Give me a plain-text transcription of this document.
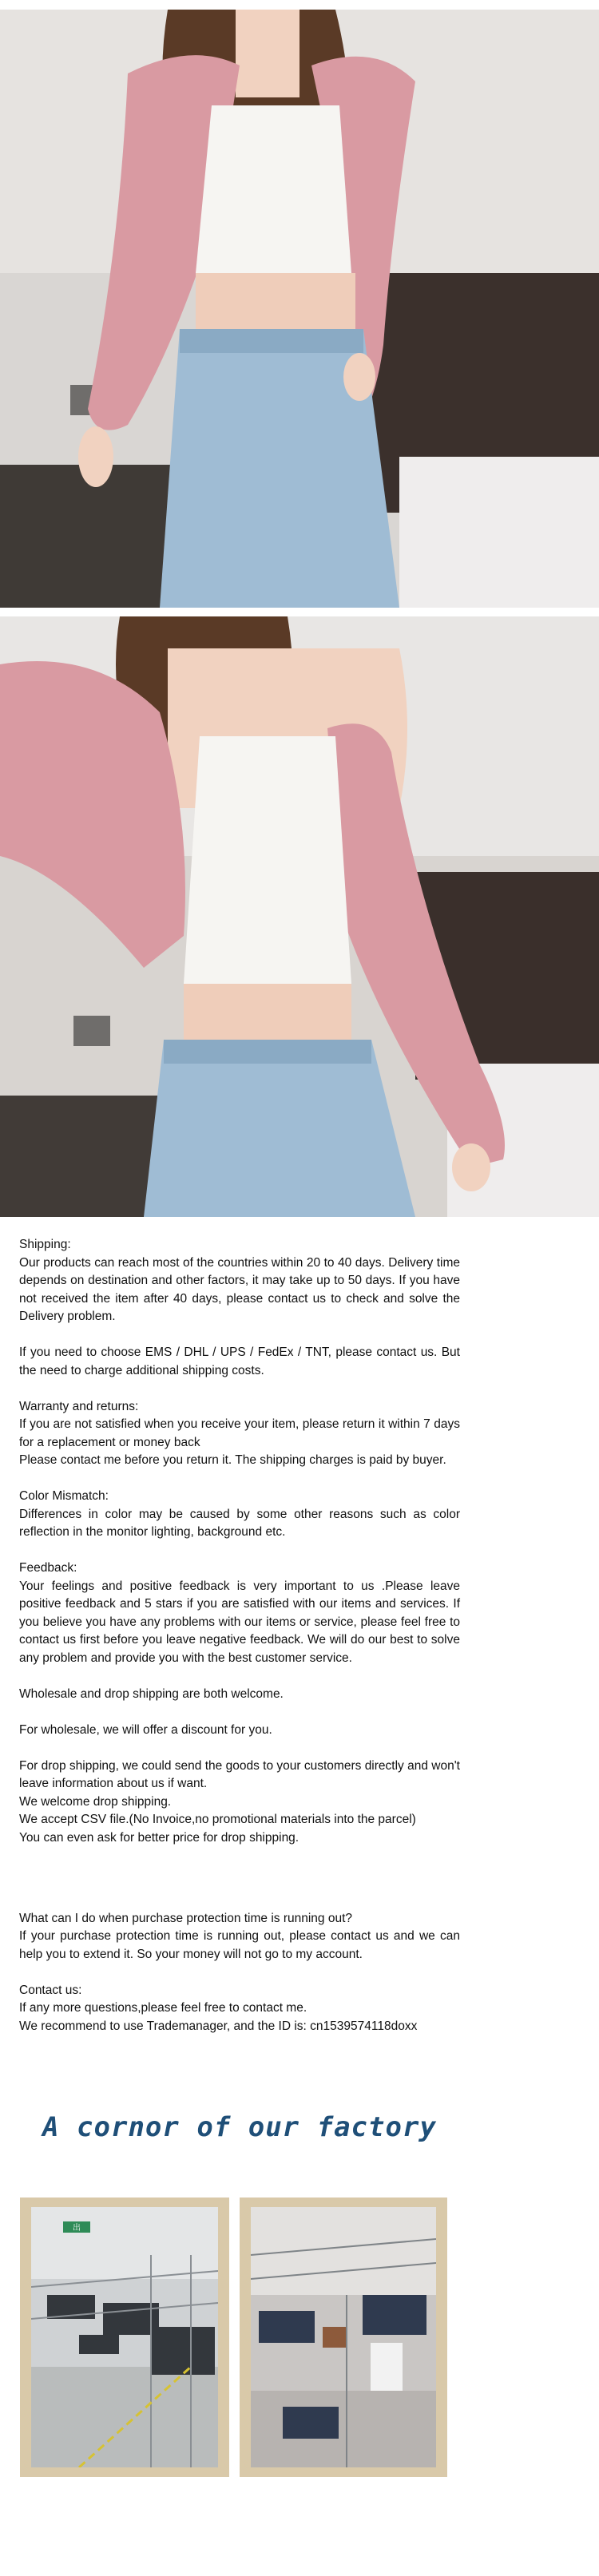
Shipping:

Our products can reach most of the countries within 20 to 40 days. Delivery time depends on destination and other factors, it may take up to 50 days. If you have not received the item after 40 days, please contact us to check and solve the Delivery problem.

If you need to choose EMS / DHL / UPS / FedEx / TNT, please contact us. But the need to charge additional shipping costs.

Warranty and returns:

If you are not satisfied when you receive your item, please return it within 7 days for a replacement or money back

Please contact me before you return it. The shipping charges is paid by buyer.

Color Mismatch:

Differences in color may be caused by some other reasons such as color reflection in the monitor lighting, background etc.

Feedback:

Your feelings and positive feedback is very important to us .Please leave positive feedback and 5 stars if you are satisfied with our items and services. If you believe you have any problems with our items or service, please feel free to contact us first before you leave negative feedback. We will do our best to solve any problem and provide you with the best customer service.

Wholesale and drop shipping are both welcome.

For wholesale, we will offer a discount for you.

For drop shipping, we could send the goods to your customers directly and won't leave information about us if want.

We welcome drop shipping.

We accept CSV file.(No Invoice,no promotional materials into the parcel)

You can even ask for better price for drop shipping.

What can I do when purchase protection time is running out?

If your purchase protection time is running out, please contact us and we can help you to extend it. So your money will not go to my account.

Contact us:

If any more questions,please feel free to contact me.

We recommend to use Trademanager, and the ID is: cn1539574118doxx

A cornor of our factory
出
